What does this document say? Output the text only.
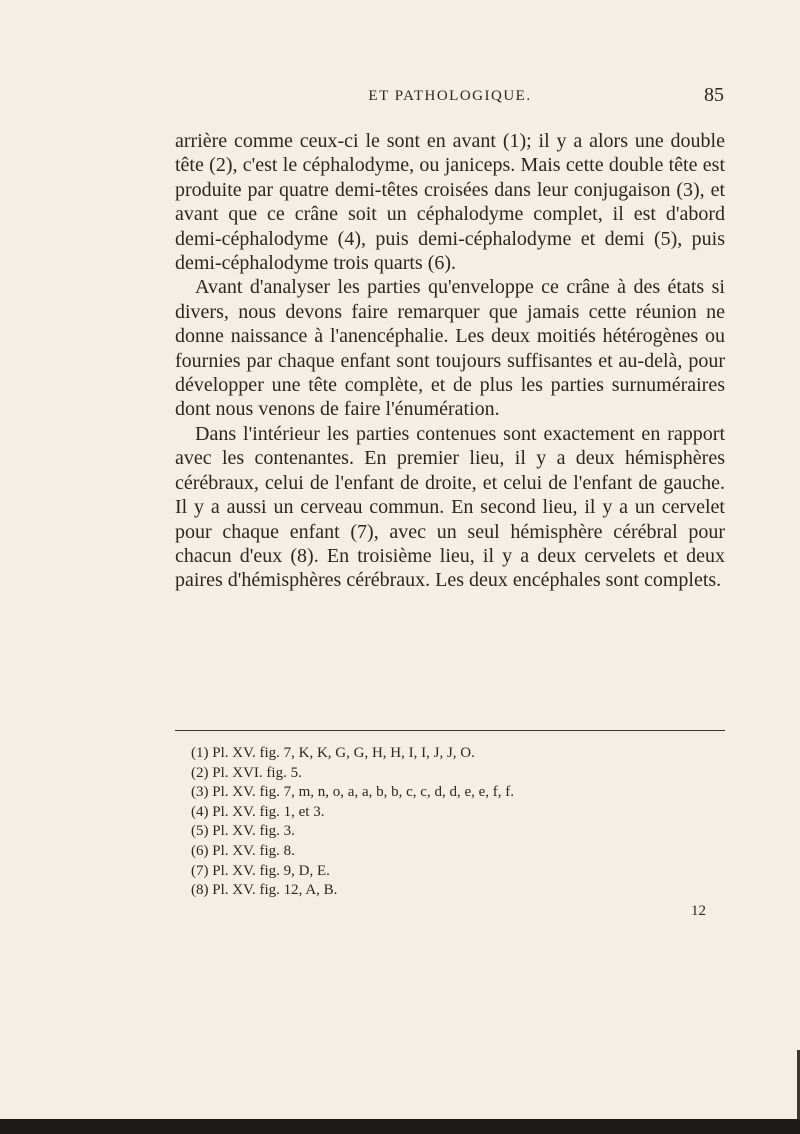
ET PATHOLOGIQUE.	85

arrière comme ceux-ci le sont en avant (1); il y a alors une double tête (2), c'est le céphalodyme, ou janiceps. Mais cette double tête est produite par quatre demi-têtes croisées dans leur conjugaison (3), et avant que ce crâne soit un céphalodyme complet, il est d'abord demi-céphalodyme (4), puis demi-céphalodyme et demi (5), puis demi-céphalodyme trois quarts (6).

Avant d'analyser les parties qu'enveloppe ce crâne à des états si divers, nous devons faire remarquer que jamais cette réunion ne donne naissance à l'anencéphalie. Les deux moitiés hétérogènes ou fournies par chaque enfant sont toujours suffisantes et au-delà, pour développer une tête complète, et de plus les parties surnuméraires dont nous venons de faire l'énumération.

Dans l'intérieur les parties contenues sont exactement en rapport avec les contenantes. En premier lieu, il y a deux hémisphères cérébraux, celui de l'enfant de droite, et celui de l'enfant de gauche. Il y a aussi un cerveau commun. En second lieu, il y a un cervelet pour chaque enfant (7), avec un seul hémisphère cérébral pour chacun d'eux (8). En troisième lieu, il y a deux cervelets et deux paires d'hémisphères cérébraux. Les deux encéphales sont complets.

(1) Pl. XV. fig. 7, K, K, G, G, H, H, I, I, J, J, O.
(2) Pl. XVI. fig. 5.
(3) Pl. XV. fig. 7, m, n, o, a, a, b, b, c, c, d, d, e, e, f, f.
(4) Pl. XV. fig. 1, et 3.
(5) Pl. XV. fig. 3.
(6) Pl. XV. fig. 8.
(7) Pl. XV. fig. 9, D, E.
(8) Pl. XV. fig. 12, A, B.
12
